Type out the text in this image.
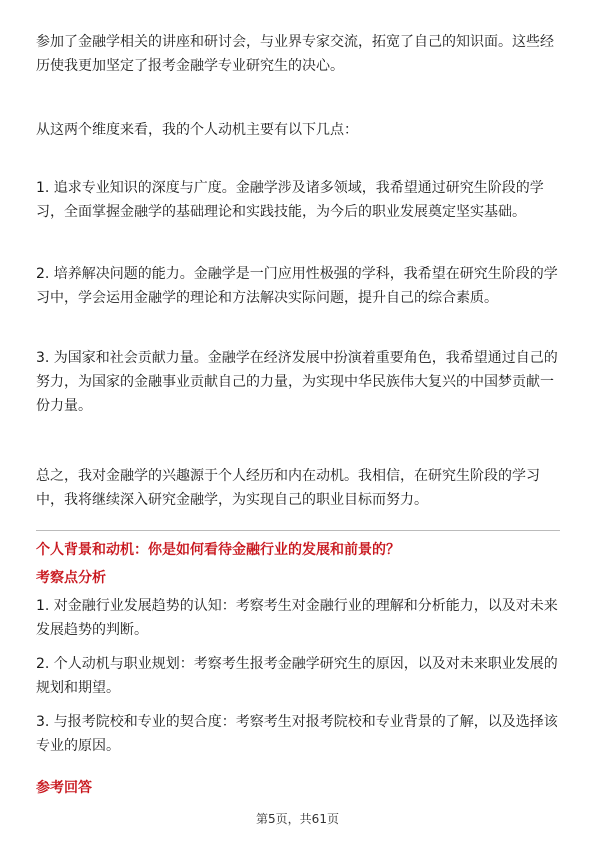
参加了金融学相关的讲座和研讨会，与业界专家交流，拓宽了自己的知识面。这些经历使我更加坚定了报考金融学专业研究生的决心。

从这两个维度来看，我的个人动机主要有以下几点：

1. 追求专业知识的深度与广度。金融学涉及诸多领域，我希望通过研究生阶段的学习，全面掌握金融学的基础理论和实践技能，为今后的职业发展奠定坚实基础。

2. 培养解决问题的能力。金融学是一门应用性极强的学科，我希望在研究生阶段的学习中，学会运用金融学的理论和方法解决实际问题，提升自己的综合素质。

3. 为国家和社会贡献力量。金融学在经济发展中扮演着重要角色，我希望通过自己的努力，为国家的金融事业贡献自己的力量，为实现中华民族伟大复兴的中国梦贡献一份力量。

总之，我对金融学的兴趣源于个人经历和内在动机。我相信，在研究生阶段的学习中，我将继续深入研究金融学，为实现自己的职业目标而努力。

个人背景和动机：你是如何看待金融行业的发展和前景的？

考察点分析

1. 对金融行业发展趋势的认知：考察考生对金融行业的理解和分析能力，以及对未来发展趋势的判断。

2. 个人动机与职业规划：考察考生报考金融学研究生的原因，以及对未来职业发展的规划和期望。

3. 与报考院校和专业的契合度：考察考生对报考院校和专业背景的了解，以及选择该专业的原因。

参考回答

第5页，共61页
